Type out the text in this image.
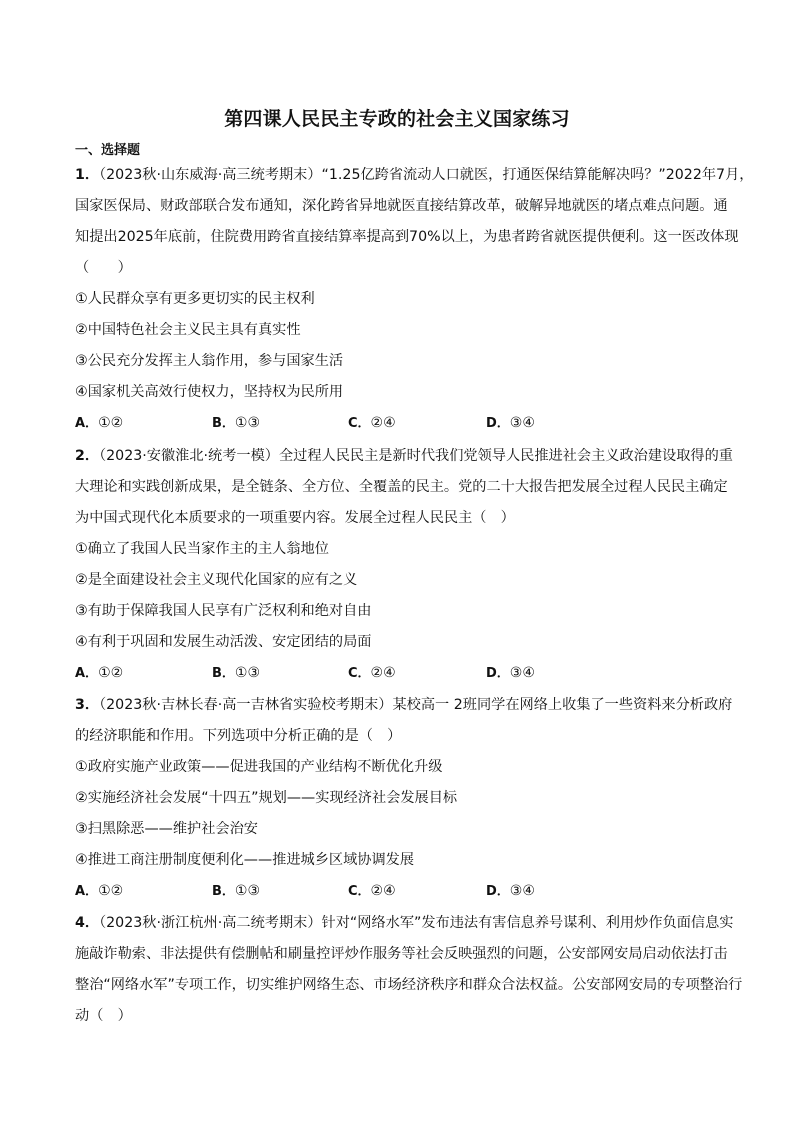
第四课人民民主专政的社会主义国家练习
一、选择题
1．（2023秋·山东威海·高三统考期末）“1.25亿跨省流动人口就医，打通医保结算能解决吗？”2022年7月，
国家医保局、财政部联合发布通知，深化跨省异地就医直接结算改革，破解异地就医的堵点难点问题。通
知提出2025年底前，住院费用跨省直接结算率提高到70%以上，为患者跨省就医提供便利。这一医改体现
（　　）
①人民群众享有更多更切实的民主权利
②中国特色社会主义民主具有真实性
③公民充分发挥主人翁作用，参与国家生活
④国家机关高效行使权力，坚持权为民所用
A．①②	B．①③	C．②④	D．③④
2．（2023·安徽淮北·统考一模）全过程人民民主是新时代我们党领导人民推进社会主义政治建设取得的重
大理论和实践创新成果，是全链条、全方位、全覆盖的民主。党的二十大报告把发展全过程人民民主确定
为中国式现代化本质要求的一项重要内容。发展全过程人民民主（　）
①确立了我国人民当家作主的主人翁地位
②是全面建设社会主义现代化国家的应有之义
③有助于保障我国人民享有广泛权利和绝对自由
④有利于巩固和发展生动活泼、安定团结的局面
A．①②	B．①③	C．②④	D．③④
3．（2023秋·吉林长春·高一吉林省实验校考期末）某校高一 2班同学在网络上收集了一些资料来分析政府
的经济职能和作用。下列选项中分析正确的是（　）
①政府实施产业政策——促进我国的产业结构不断优化升级
②实施经济社会发展“十四五”规划——实现经济社会发展目标
③扫黑除恶——维护社会治安
④推进工商注册制度便利化——推进城乡区域协调发展
A．①②	B．①③	C．②④	D．③④
4．（2023秋·浙江杭州·高二统考期末）针对“网络水军”发布违法有害信息养号谋利、利用炒作负面信息实
施敲诈勒索、非法提供有偿删帖和刷量控评炒作服务等社会反映强烈的问题，公安部网安局启动依法打击
整治“网络水军”专项工作，切实维护网络生态、市场经济秩序和群众合法权益。公安部网安局的专项整治行
动（　）
